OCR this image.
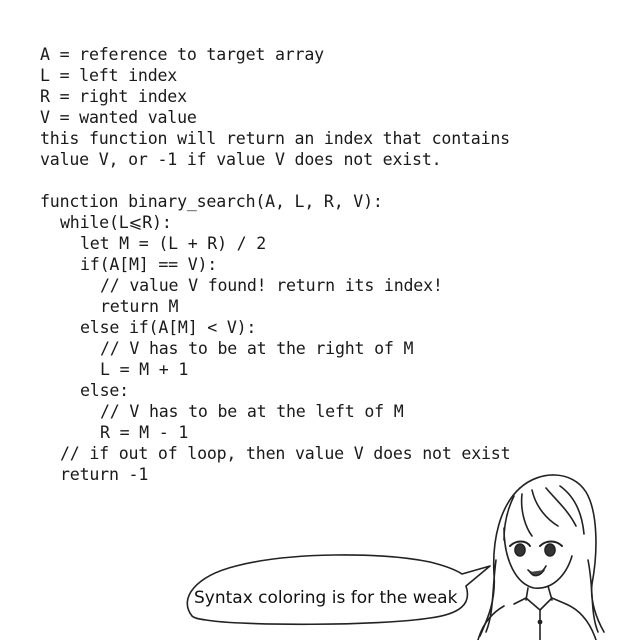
A = reference to target array
L = left index
R = right index
V = wanted value
this function will return an index that contains
value V, or -1 if value V does not exist.
function binary_search(A, L, R, V):
while(L⩽R):
let M = (L + R) / 2
if(A[M] == V):
// value V found! return its index!
return M
else if(A[M] < V):
// V has to be at the right of M
L = M + 1
else:
// V has to be at the left of M
R = M - 1
// if out of loop, then value V does not exist
return -1
Syntax coloring is for the weak
